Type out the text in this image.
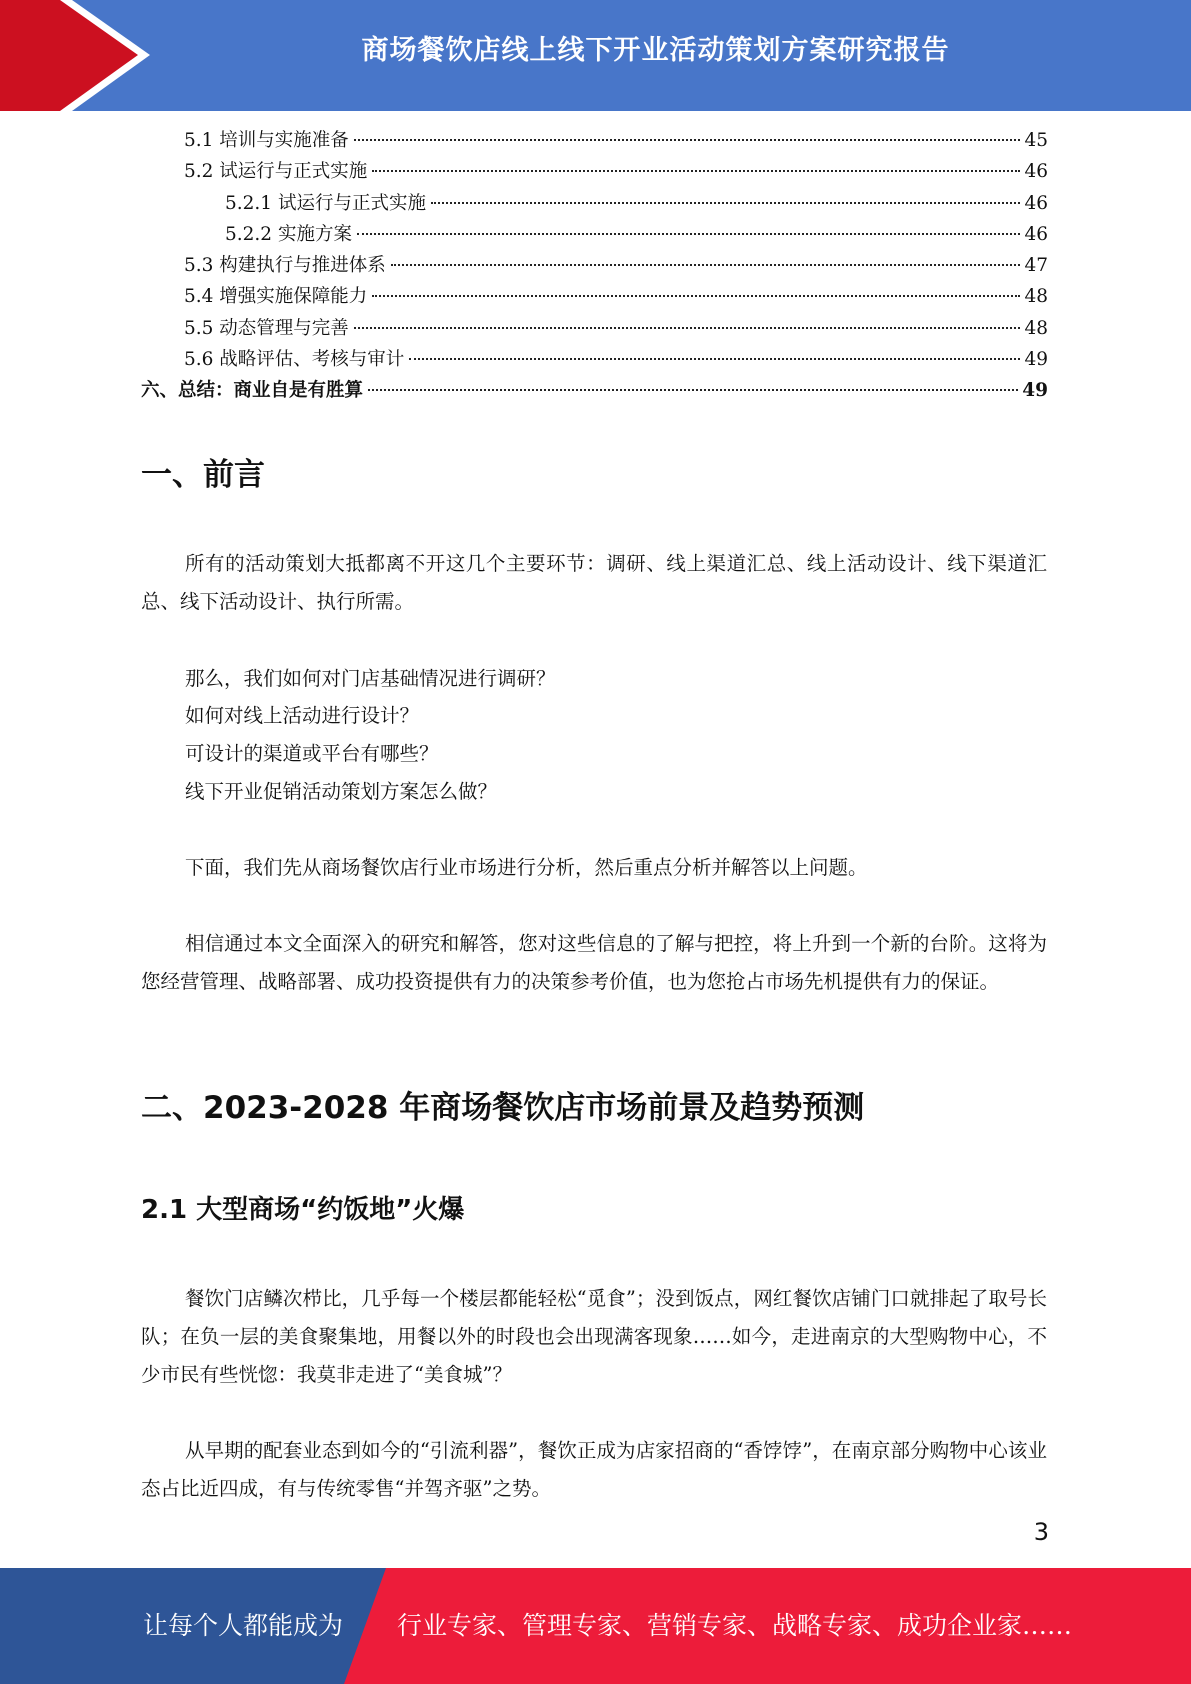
商场餐饮店线上线下开业活动策划方案研究报告
5.1 培训与实施准备	45
5.2 试运行与正式实施	46
5.2.1 试运行与正式实施	46
5.2.2 实施方案	46
5.3 构建执行与推进体系	47
5.4 增强实施保障能力	48
5.5 动态管理与完善	48
5.6 战略评估、考核与审计	49
六、总结：商业自是有胜算	49
一、前言

所有的活动策划大抵都离不开这几个主要环节：调研、线上渠道汇总、线上活动设计、线下渠道汇总、线下活动设计、执行所需。

那么，我们如何对门店基础情况进行调研？
如何对线上活动进行设计？
可设计的渠道或平台有哪些？
线下开业促销活动策划方案怎么做？

下面，我们先从商场餐饮店行业市场进行分析，然后重点分析并解答以上问题。

相信通过本文全面深入的研究和解答，您对这些信息的了解与把控，将上升到一个新的台阶。这将为您经营管理、战略部署、成功投资提供有力的决策参考价值，也为您抢占市场先机提供有力的保证。

二、2023-2028 年商场餐饮店市场前景及趋势预测
2.1 大型商场“约饭地”火爆

餐饮门店鳞次栉比，几乎每一个楼层都能轻松“觅食”；没到饭点，网红餐饮店铺门口就排起了取号长队；在负一层的美食聚集地，用餐以外的时段也会出现满客现象……如今，走进南京的大型购物中心，不少市民有些恍惚：我莫非走进了“美食城”？

从早期的配套业态到如今的“引流利器”，餐饮正成为店家招商的“香饽饽”，在南京部分购物中心该业态占比近四成，有与传统零售“并驾齐驱”之势。

3
让每个人都能成为 行业专家、管理专家、营销专家、战略专家、成功企业家……
